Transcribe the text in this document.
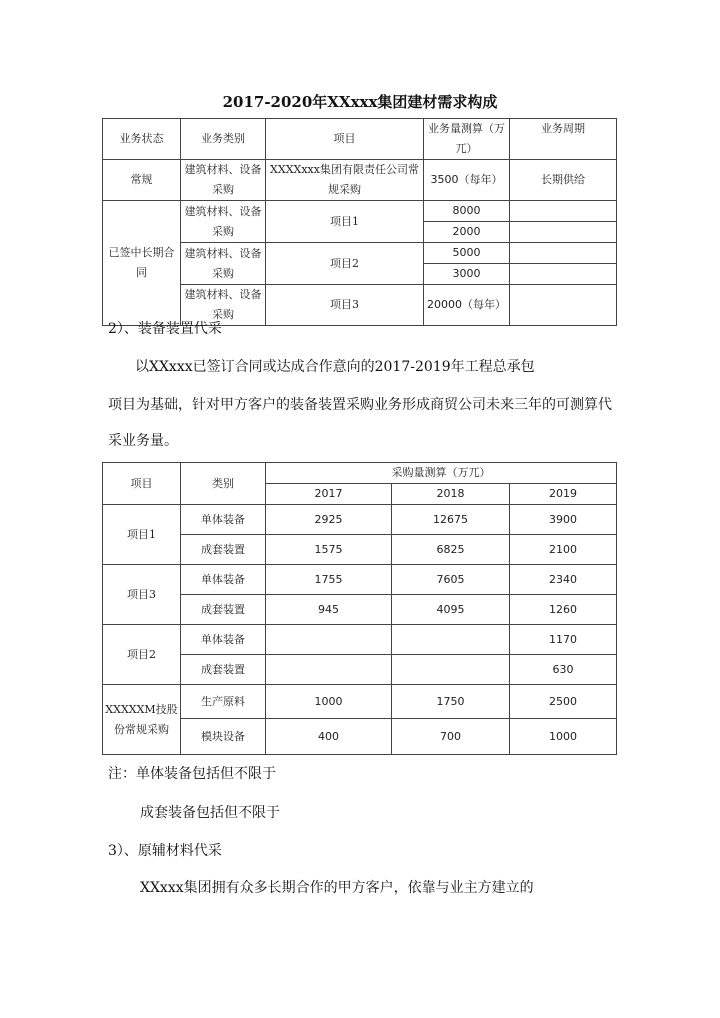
2017-2020年XXxxx集团建材需求构成
业务状态	业务类别	项目	业务量测算（万兀）	业务周期
常规	建筑材料、设备采购	XXXXxxx集团有限责任公司常规采购	3500（每年）	长期供给
已签中长期合同	建筑材料、设备采购	项目1	8000	
			2000	
	建筑材料、设备采购	项目2	5000	
			3000	
	建筑材料、设备采购	项目3	20000（每年）	
2）、装备装置代采
以XXxxx已签订合同或达成合作意向的2017-2019年工程总承包
项目为基础，针对甲方客户的装备装置采购业务形成商贸公司未来三年的可测算代
采业务量。
项目	类别	采购量测算（万兀）		
		2017	2018	2019
项目1	单体装备	2925	12675	3900
	成套装置	1575	6825	2100
项目3	单体装备	1755	7605	2340
	成套装置	945	4095	1260
项目2	单体装备			1170
	成套装置			630
XXXXXM技股份常规采购	生产原料	1000	1750	2500
	模块设备	400	700	1000
注：单体装备包括但不限于
成套装备包括但不限于
3）、原辅材料代采
XXxxx集团拥有众多长期合作的甲方客户，依靠与业主方建立的
